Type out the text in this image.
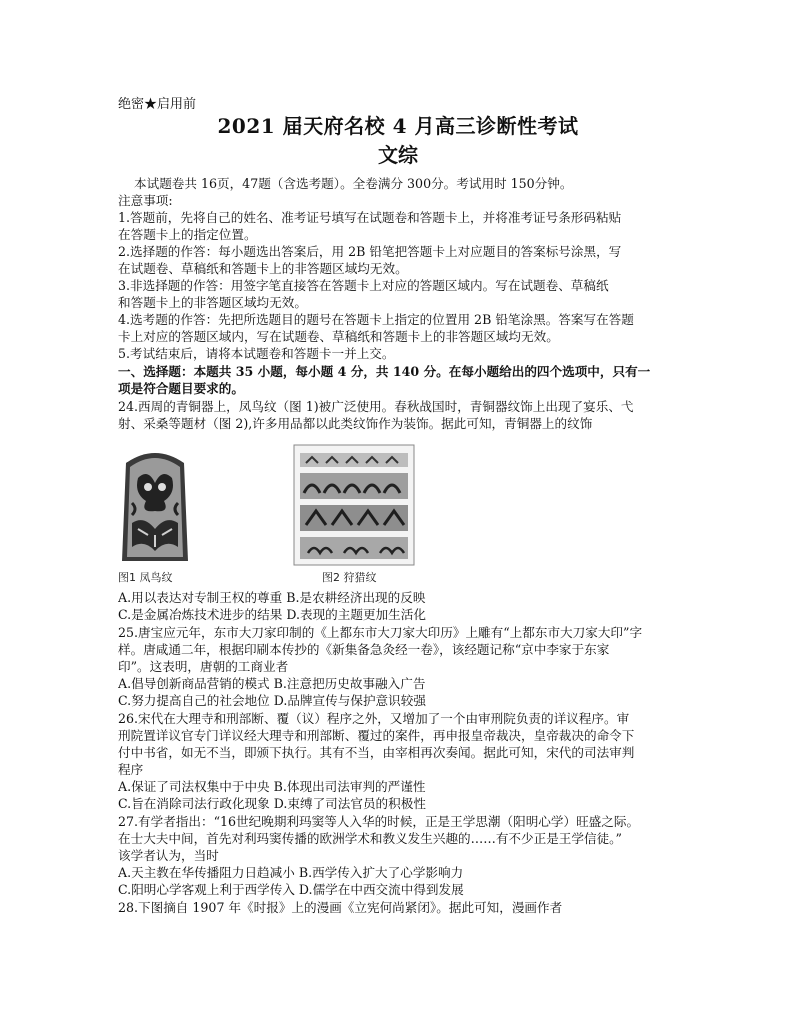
绝密★启用前
2021 届天府名校 4 月高三诊断性考试
文综
本试题卷共 16页，47题（含选考题）。全卷满分 300分。考试用时 150分钟。
注意事项:
1.答题前，先将自己的姓名、准考证号填写在试题卷和答题卡上，并将准考证号条形码粘贴
在答题卡上的指定位置。
2.选择题的作答：每小题选出答案后，用 2B 铅笔把答题卡上对应题目的答案标号涂黑，写
在试题卷、草稿纸和答题卡上的非答题区域均无效。
3.非选择题的作答：用签字笔直接答在答题卡上对应的答题区域内。写在试题卷、草稿纸
和答题卡上的非答题区域均无效。
4.选考题的作答：先把所选题目的题号在答题卡上指定的位置用 2B 铅笔涂黑。答案写在答题
卡上对应的答题区域内，写在试题卷、草稿纸和答题卡上的非答题区域均无效。
5.考试结束后，请将本试题卷和答题卡一并上交。
一、选择题：本题共 35 小题，每小题 4 分，共 140 分。在每小题给出的四个选项中，只有一
项是符合题目要求的。
24.西周的青铜器上，凤鸟纹（图 1)被广泛使用。春秋战国时，青铜器纹饰上出现了宴乐、弋
射、采桑等题材（图 2),许多用品都以此类纹饰作为装饰。据此可知，青铜器上的纹饰
图1 凤鸟纹	图2 狩猎纹
A.用以表达对专制王权的尊重 B.是农耕经济出现的反映
C.是金属冶炼技术进步的结果 D.表现的主题更加生活化
25.唐宝应元年，东市大刀家印制的《上都东市大刀家大印历》上雕有“上都东市大刀家大印”字
样。唐咸通二年，根据印刷本传抄的《新集备急灸经一卷》，该经题记称“京中李家于东家
印”。这表明，唐朝的工商业者
A.倡导创新商品营销的模式 B.注意把历史故事融入广告
C.努力提高自己的社会地位 D.品牌宣传与保护意识较强
26.宋代在大理寺和刑部断、覆（议）程序之外，又增加了一个由审刑院负责的详议程序。审
刑院置详议官专门详议经大理寺和刑部断、覆过的案件，再申报皇帝裁决，皇帝裁决的命令下
付中书省，如无不当，即颁下执行。其有不当，由宰相再次奏闻。据此可知，宋代的司法审判
程序
A.保证了司法权集中于中央 B.体现出司法审判的严谨性
C.旨在消除司法行政化现象 D.束缚了司法官员的积极性
27.有学者指出：“16世纪晚期利玛窦等人入华的时候，正是王学思潮（阳明心学）旺盛之际。
在士大夫中间，首先对利玛窦传播的欧洲学术和教义发生兴趣的……有不少正是王学信徒。”
该学者认为，当时
A.天主教在华传播阻力日趋减小 B.西学传入扩大了心学影响力
C.阳明心学客观上利于西学传入 D.儒学在中西交流中得到发展
28.下图摘自 1907 年《时报》上的漫画《立宪何尚紧闭》。据此可知，漫画作者
